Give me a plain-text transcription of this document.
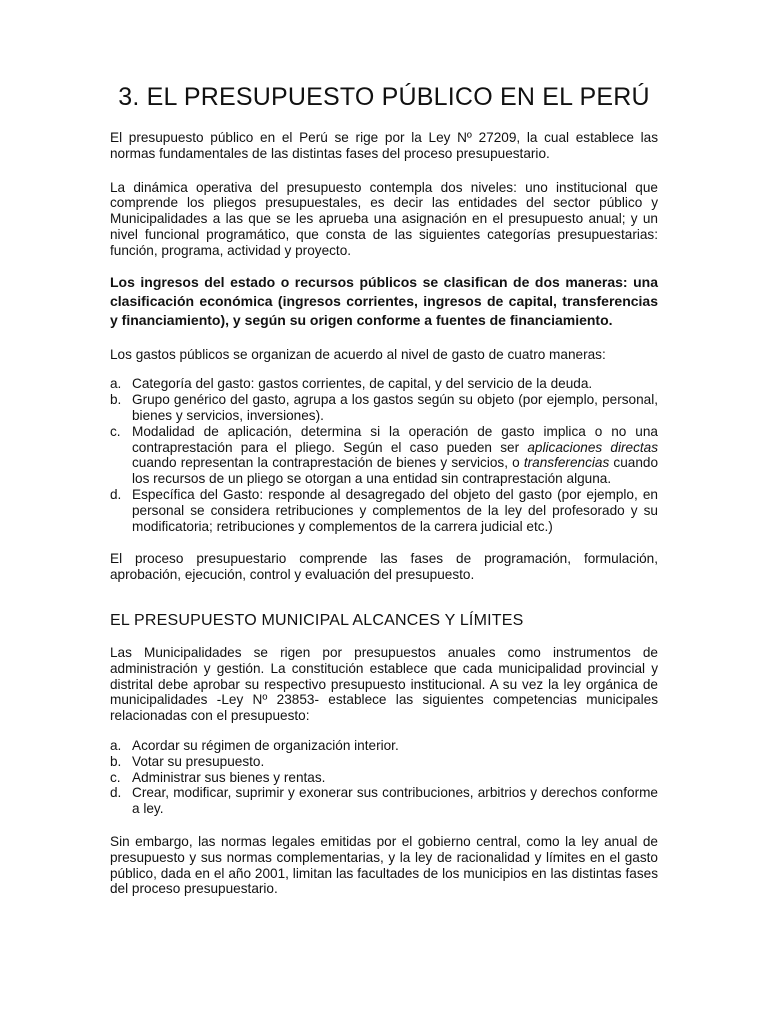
3. EL PRESUPUESTO PÚBLICO EN EL PERÚ

El presupuesto público en el Perú se rige por la Ley Nº 27209, la cual establece las normas fundamentales de las distintas fases del proceso presupuestario.

La dinámica operativa del presupuesto contempla dos niveles: uno institucional que comprende los pliegos presupuestales, es decir las entidades del sector público y Municipalidades a las que se les aprueba una asignación en el presupuesto anual; y un nivel funcional programático, que consta de las siguientes categorías presupuestarias: función, programa, actividad y proyecto.

Los ingresos del estado o recursos públicos se clasifican de dos maneras: una clasificación económica (ingresos corrientes, ingresos de capital, transferencias y financiamiento), y según su origen conforme a fuentes de financiamiento.

Los gastos públicos se organizan de acuerdo al nivel de gasto de cuatro maneras:

a. Categoría del gasto: gastos corrientes, de capital, y del servicio de la deuda.
b. Grupo genérico del gasto, agrupa a los gastos según su objeto (por ejemplo, personal, bienes y servicios, inversiones).
c. Modalidad de aplicación, determina si la operación de gasto implica o no una contraprestación para el pliego. Según el caso pueden ser aplicaciones directas cuando representan la contraprestación de bienes y servicios, o transferencias cuando los recursos de un pliego se otorgan a una entidad sin contraprestación alguna.
d. Específica del Gasto: responde al desagregado del objeto del gasto (por ejemplo, en personal se considera retribuciones y complementos de la ley del profesorado y su modificatoria; retribuciones y complementos de la carrera judicial etc.)

El proceso presupuestario comprende las fases de programación, formulación, aprobación, ejecución, control y evaluación del presupuesto.

EL PRESUPUESTO MUNICIPAL ALCANCES Y LÍMITES

Las Municipalidades se rigen por presupuestos anuales como instrumentos de administración y gestión. La constitución establece que cada municipalidad provincial y distrital debe aprobar su respectivo presupuesto institucional. A su vez la ley orgánica de municipalidades -Ley Nº 23853- establece las siguientes competencias municipales relacionadas con el presupuesto:

a. Acordar su régimen de organización interior.
b. Votar su presupuesto.
c. Administrar sus bienes y rentas.
d. Crear, modificar, suprimir y exonerar sus contribuciones, arbitrios y derechos conforme a ley.

Sin embargo, las normas legales emitidas por el gobierno central, como la ley anual de presupuesto y sus normas complementarias, y la ley de racionalidad y límites en el gasto público, dada en el año 2001, limitan las facultades de los municipios en las distintas fases del proceso presupuestario.
